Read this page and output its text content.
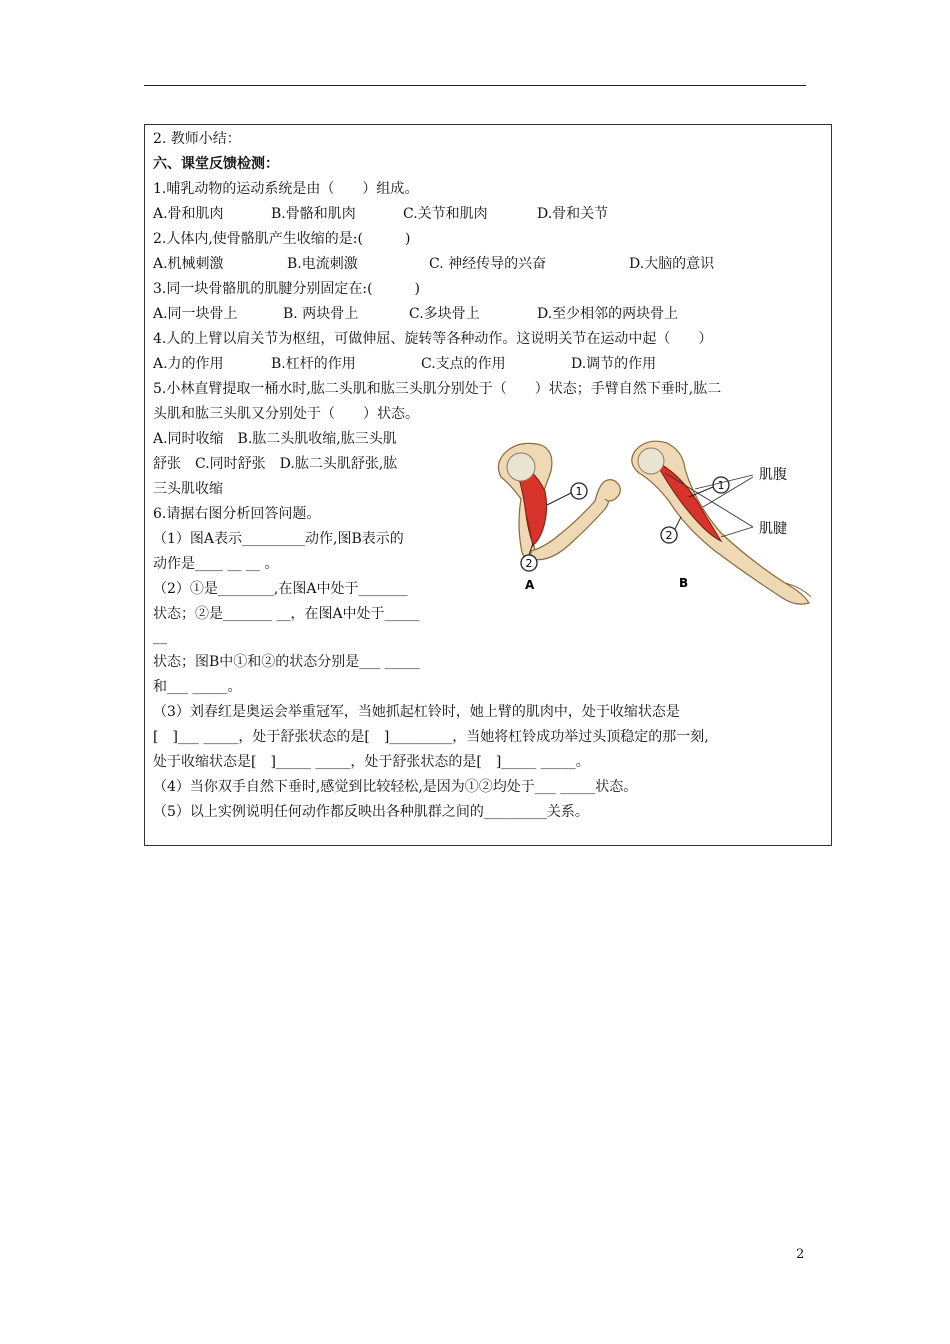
2. 教师小结：
六、课堂反馈检测：
1.哺乳动物的运动系统是由（　　）组成。
A.骨和肌肉	B.骨骼和肌肉	C.关节和肌肉	D.骨和关节
2.人体内,使骨骼肌产生收缩的是:(　　　)
A.机械刺激	B.电流刺激	C. 神经传导的兴奋	D.大脑的意识
3.同一块骨骼肌的肌腱分别固定在:(　　　)
A.同一块骨上	B. 两块骨上	C.多块骨上	D.至少相邻的两块骨上
4.人的上臂以肩关节为枢纽，可做伸屈、旋转等各种动作。这说明关节在运动中起（　　）
A.力的作用	B.杠杆的作用	C.支点的作用	D.调节的作用
5.小林直臂提取一桶水时,肱二头肌和肱三头肌分别处于（　　）状态；手臂自然下垂时,肱二
头肌和肱三头肌又分别处于（　　）状态。
A.同时收缩　B.肱二头肌收缩,肱三头肌
舒张　C.同时舒张　D.肱二头肌舒张,肱
三头肌收缩
6.请据右图分析回答问题。
（1）图A表示_________动作,图B表示的
动作是____ __ __ 。
（2）①是________,在图A中处于_______
状态；②是_______ __，在图A中处于_____
__
状态；图B中①和②的状态分别是___ _____
和___ _____。
（3）刘春红是奥运会举重冠军，当她抓起杠铃时，她上臂的肌肉中，处于收缩状态是
[　]___ _____，处于舒张状态的是[　]_________，当她将杠铃成功举过头顶稳定的那一刻,
处于收缩状态是[　]_____ _____，处于舒张状态的是[　]_____ _____。
（4）当你双手自然下垂时,感觉到比较轻松,是因为①②均处于___ _____状态。
（5）以上实例说明任何动作都反映出各种肌群之间的_________关系。
1
2
1
2
肌腹
肌腱
A	B
2
